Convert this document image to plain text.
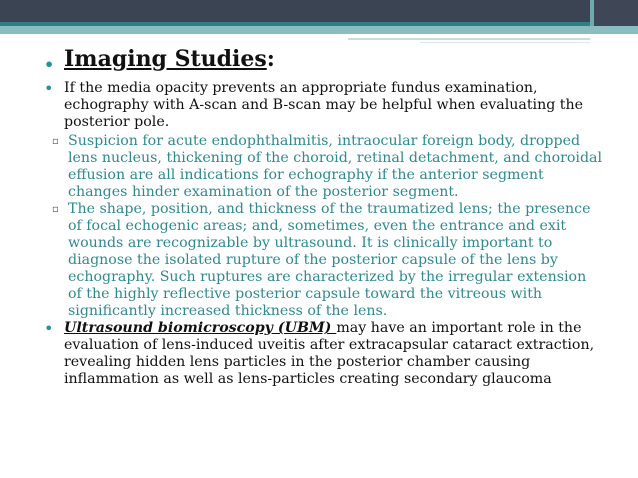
• Imaging Studies:
• If the media opacity prevents an appropriate fundus examination, echography with A-scan and B-scan may be helpful when evaluating the posterior pole.
▫ Suspicion for acute endophthalmitis, intraocular foreign body, dropped lens nucleus, thickening of the choroid, retinal detachment, and choroidal effusion are all indications for echography if the anterior segment changes hinder examination of the posterior segment.
▫ The shape, position, and thickness of the traumatized lens; the presence of focal echogenic areas; and, sometimes, even the entrance and exit wounds are recognizable by ultrasound. It is clinically important to diagnose the isolated rupture of the posterior capsule of the lens by echography. Such ruptures are characterized by the irregular extension of the highly reflective posterior capsule toward the vitreous with significantly increased thickness of the lens.
• Ultrasound biomicroscopy (UBM) may have an important role in the evaluation of lens-induced uveitis after extracapsular cataract extraction, revealing hidden lens particles in the posterior chamber causing inflammation as well as lens-particles creating secondary glaucoma
